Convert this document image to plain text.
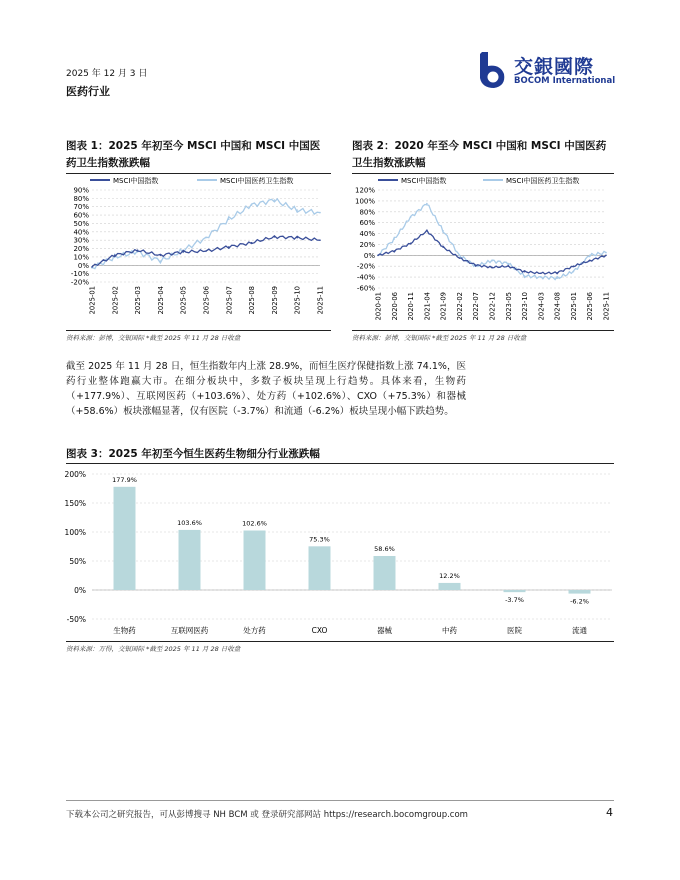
2025 年 12 月 3 日
医药行业
交銀國際
BOCOM International
图表 1：2025 年初至今 MSCI 中国和 MSCI 中国医
药卫生指数涨跌幅
MSCI中国指数	MSCI中国医药卫生指数
90%
80%
70%
60%
50%
40%
30%
20%
10%
0%
-10%
-20%
2025-01 2025-02 2025-03 2025-04 2025-05 2025-06 2025-07 2025-08 2025-09 2025-10 2025-11
资料来源：彭博，交银国际 *截至 2025 年 11 月 28 日收盘
图表 2：2020 年至今 MSCI 中国和 MSCI 中国医药
卫生指数涨跌幅
MSCI中国指数	MSCI中国医药卫生指数
120%
100%
80%
60%
40%
20%
0%
-20%
-40%
-60%
2020-01 2020-06 2020-11 2021-04 2021-09 2022-02 2022-07 2022-12 2023-05 2023-10 2024-03 2024-08 2025-01 2025-06 2025-11
资料来源：彭博，交银国际 *截至 2025 年 11 月 28 日收盘
截至 2025 年 11 月 28 日，恒生指数年内上涨 28.9%，而恒生医疗保健指数上涨 74.1%，医药行业整体跑赢大市。在细分板块中，多数子板块呈现上行趋势。具体来看，生物药（+177.9%）、互联网医药（+103.6%）、处方药（+102.6%）、CXO（+75.3%）和器械（+58.6%）板块涨幅显著，仅有医院（-3.7%）和流通（-6.2%）板块呈现小幅下跌趋势。
图表 3：2025 年初至今恒生医药生物细分行业涨跌幅
200%
150%
100%
50%
0%
-50%
177.9%
103.6%	102.6%
75.3%
58.6%
12.2%
-3.7%	-6.2%
生物药	互联网医药	处方药	CXO	器械	中药	医院	流通
资料来源：万得，交银国际 *截至 2025 年 11 月 28 日收盘
下载本公司之研究报告，可从彭博搜寻 NH BCM 或 登录研究部网站 https://research.bocomgroup.com	4
